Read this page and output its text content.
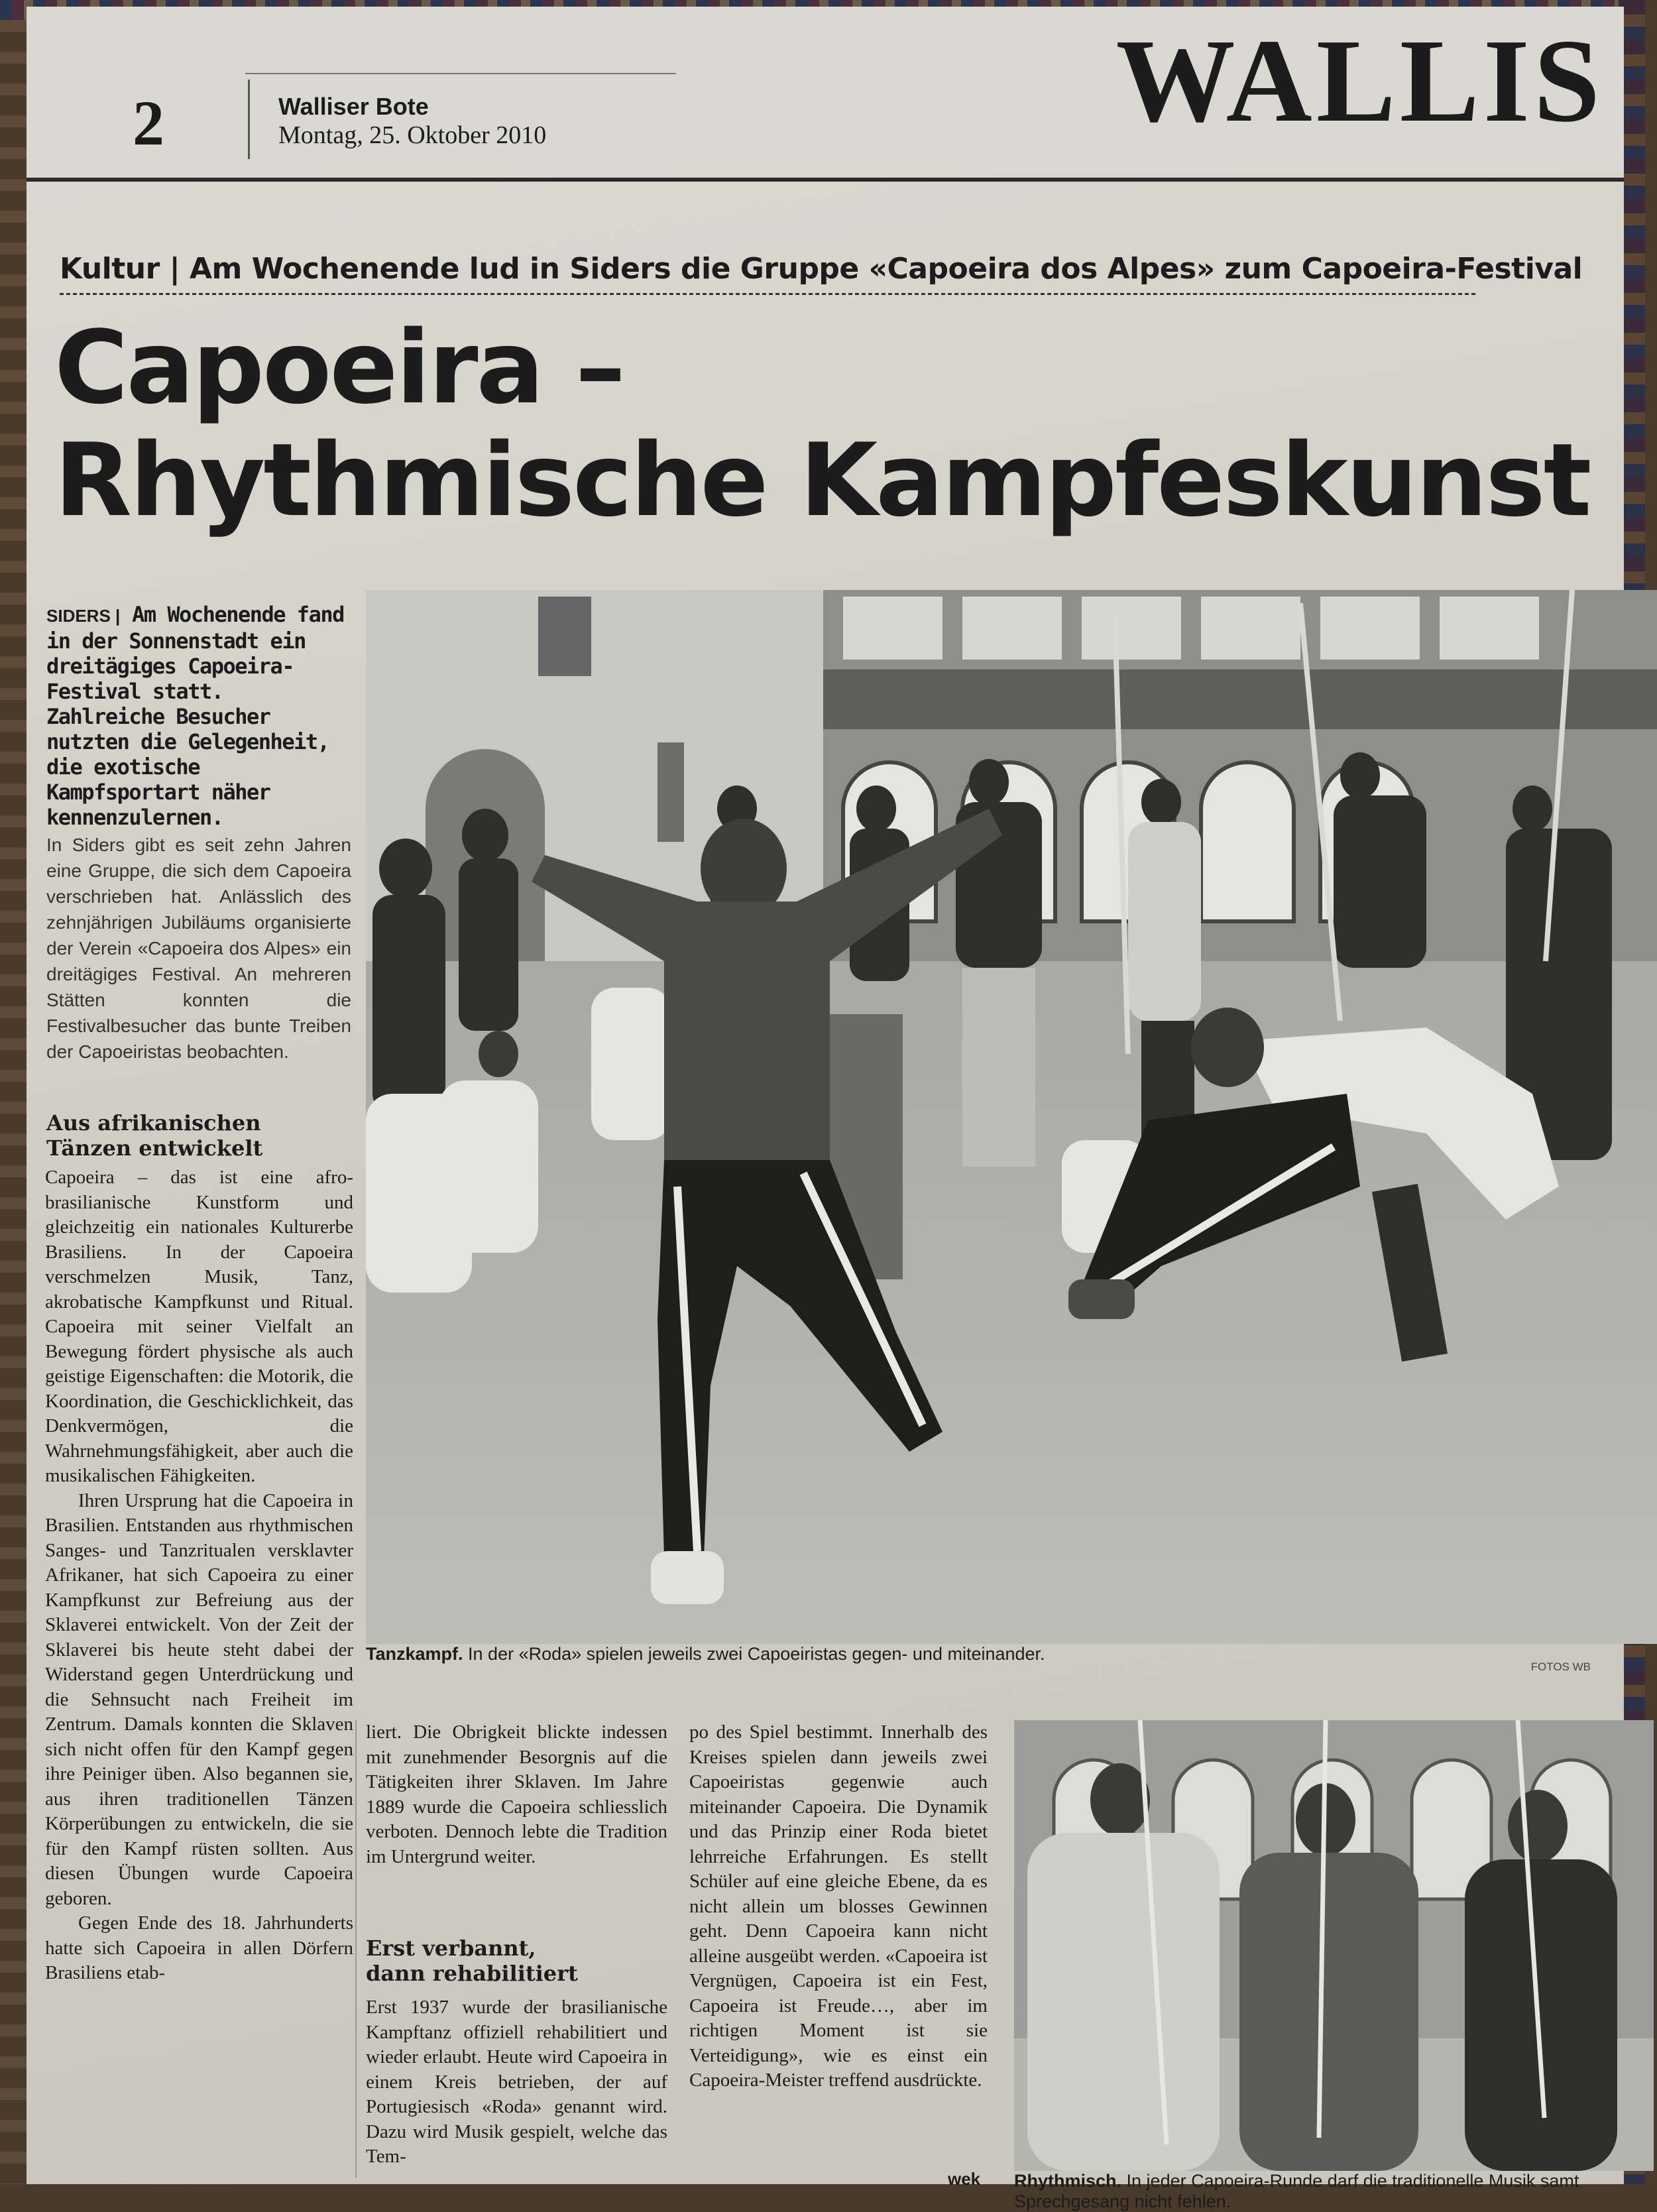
2	Walliser Bote
Montag, 25. Oktober 2010	WALLIS
Kultur | Am Wochenende lud in Siders die Gruppe «Capoeira dos Alpes» zum Capoeira-Festival
Capoeira –
Rhythmische Kampfeskunst
SIDERS | Am Wochenende fand in der Sonnenstadt ein dreitägiges Capoeira-Festival statt. Zahlreiche Besucher nutzten die Gelegenheit, die exotische Kampfsportart näher kennenzulernen.
In Siders gibt es seit zehn Jahren eine Gruppe, die sich dem Capoeira verschrieben hat. Anlässlich des zehnjährigen Jubiläums organisierte der Verein «Capoeira dos Alpes» ein dreitägiges Festival. An mehreren Stätten konnten die Festivalbesucher das bunte Treiben der Capoeiristas beobachten.
Aus afrikanischen
Tänzen entwickelt

Capoeira – das ist eine afro-brasilianische Kunstform und gleichzeitig ein nationales Kulturerbe Brasiliens. In der Capoeira verschmelzen Musik, Tanz, akrobatische Kampfkunst und Ritual. Capoeira mit seiner Vielfalt an Bewegung fördert physische als auch geistige Eigenschaften: die Motorik, die Koordination, die Geschicklichkeit, das Denkvermögen, die Wahrnehmungsfähigkeit, aber auch die musikalischen Fähigkeiten.

Ihren Ursprung hat die Capoeira in Brasilien. Entstanden aus rhythmischen Sanges- und Tanzritualen versklavter Afrikaner, hat sich Capoeira zu einer Kampfkunst zur Befreiung aus der Sklaverei entwickelt. Von der Zeit der Sklaverei bis heute steht dabei der Widerstand gegen Unterdrückung und die Sehnsucht nach Freiheit im Zentrum. Damals konnten die Sklaven sich nicht offen für den Kampf gegen ihre Peiniger üben. Also begannen sie, aus ihren traditionellen Tänzen Körperübungen zu entwickeln, die sie für den Kampf rüsten sollten. Aus diesen Übungen wurde Capoeira geboren.

Gegen Ende des 18. Jahrhunderts hatte sich Capoeira in allen Dörfern Brasiliens etab-

Tanzkampf. In der «Roda» spielen jeweils zwei Capoeiristas gegen- und miteinander.
FOTOS WB

liert. Die Obrigkeit blickte indessen mit zunehmender Besorgnis auf die Tätigkeiten ihrer Sklaven. Im Jahre 1889 wurde die Capoeira schliesslich verboten. Dennoch lebte die Tradition im Untergrund weiter.

Erst verbannt,
dann rehabilitiert

Erst 1937 wurde der brasilianische Kampftanz offiziell rehabilitiert und wieder erlaubt. Heute wird Capoeira in einem Kreis betrieben, der auf Portugiesisch «Roda» genannt wird. Dazu wird Musik gespielt, welche das Tem-

po des Spiel bestimmt. Innerhalb des Kreises spielen dann jeweils zwei Capoeiristas gegenwie auch miteinander Capoeira. Die Dynamik und das Prinzip einer Roda bietet lehrreiche Erfahrungen. Es stellt Schüler auf eine gleiche Ebene, da es nicht allein um blosses Gewinnen geht. Denn Capoeira kann nicht alleine ausgeübt werden. «Capoeira ist Vergnügen, Capoeira ist ein Fest, Capoeira ist Freude…, aber im richtigen Moment ist sie Verteidigung», wie es einst ein Capoeira-Meister treffend ausdrückte.

wek Rhythmisch. In jeder Capoeira-Runde darf die traditionelle Musik samt Sprechgesang nicht fehlen.
